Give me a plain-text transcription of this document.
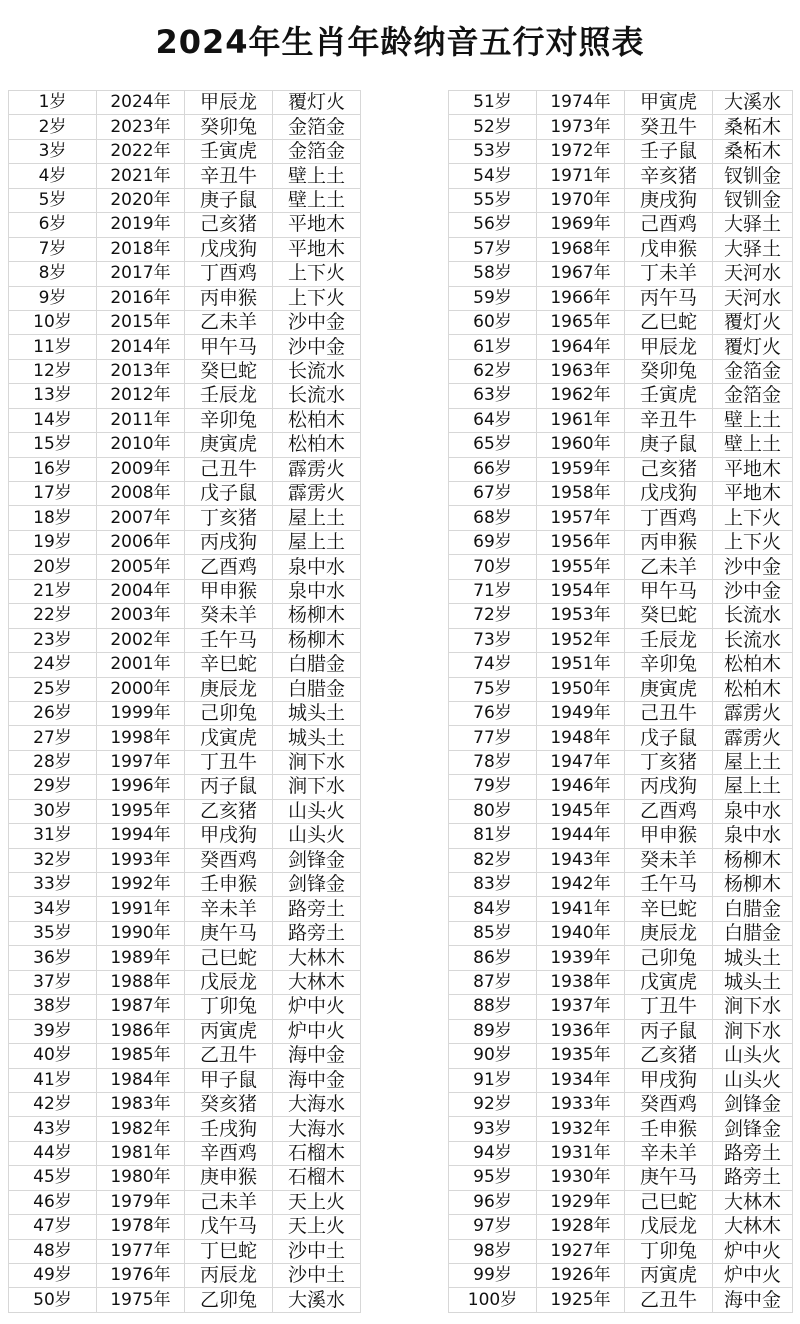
2024年生肖年龄纳音五行对照表
1岁	2024年	甲辰龙	覆灯火		51岁	1974年	甲寅虎	大溪水
2岁	2023年	癸卯兔	金箔金		52岁	1973年	癸丑牛	桑柘木
3岁	2022年	壬寅虎	金箔金		53岁	1972年	壬子鼠	桑柘木
4岁	2021年	辛丑牛	壁上土		54岁	1971年	辛亥猪	钗钏金
5岁	2020年	庚子鼠	壁上土		55岁	1970年	庚戌狗	钗钏金
6岁	2019年	己亥猪	平地木		56岁	1969年	己酉鸡	大驿土
7岁	2018年	戊戌狗	平地木		57岁	1968年	戊申猴	大驿土
8岁	2017年	丁酉鸡	上下火		58岁	1967年	丁未羊	天河水
9岁	2016年	丙申猴	上下火		59岁	1966年	丙午马	天河水
10岁	2015年	乙未羊	沙中金		60岁	1965年	乙巳蛇	覆灯火
11岁	2014年	甲午马	沙中金		61岁	1964年	甲辰龙	覆灯火
12岁	2013年	癸巳蛇	长流水		62岁	1963年	癸卯兔	金箔金
13岁	2012年	壬辰龙	长流水		63岁	1962年	壬寅虎	金箔金
14岁	2011年	辛卯兔	松柏木		64岁	1961年	辛丑牛	壁上土
15岁	2010年	庚寅虎	松柏木		65岁	1960年	庚子鼠	壁上土
16岁	2009年	己丑牛	霹雳火		66岁	1959年	己亥猪	平地木
17岁	2008年	戊子鼠	霹雳火		67岁	1958年	戊戌狗	平地木
18岁	2007年	丁亥猪	屋上土		68岁	1957年	丁酉鸡	上下火
19岁	2006年	丙戌狗	屋上土		69岁	1956年	丙申猴	上下火
20岁	2005年	乙酉鸡	泉中水		70岁	1955年	乙未羊	沙中金
21岁	2004年	甲申猴	泉中水		71岁	1954年	甲午马	沙中金
22岁	2003年	癸未羊	杨柳木		72岁	1953年	癸巳蛇	长流水
23岁	2002年	壬午马	杨柳木		73岁	1952年	壬辰龙	长流水
24岁	2001年	辛巳蛇	白腊金		74岁	1951年	辛卯兔	松柏木
25岁	2000年	庚辰龙	白腊金		75岁	1950年	庚寅虎	松柏木
26岁	1999年	己卯兔	城头土		76岁	1949年	己丑牛	霹雳火
27岁	1998年	戊寅虎	城头土		77岁	1948年	戊子鼠	霹雳火
28岁	1997年	丁丑牛	涧下水		78岁	1947年	丁亥猪	屋上土
29岁	1996年	丙子鼠	涧下水		79岁	1946年	丙戌狗	屋上土
30岁	1995年	乙亥猪	山头火		80岁	1945年	乙酉鸡	泉中水
31岁	1994年	甲戌狗	山头火		81岁	1944年	甲申猴	泉中水
32岁	1993年	癸酉鸡	剑锋金		82岁	1943年	癸未羊	杨柳木
33岁	1992年	壬申猴	剑锋金		83岁	1942年	壬午马	杨柳木
34岁	1991年	辛未羊	路旁土		84岁	1941年	辛巳蛇	白腊金
35岁	1990年	庚午马	路旁土		85岁	1940年	庚辰龙	白腊金
36岁	1989年	己巳蛇	大林木		86岁	1939年	己卯兔	城头土
37岁	1988年	戊辰龙	大林木		87岁	1938年	戊寅虎	城头土
38岁	1987年	丁卯兔	炉中火		88岁	1937年	丁丑牛	涧下水
39岁	1986年	丙寅虎	炉中火		89岁	1936年	丙子鼠	涧下水
40岁	1985年	乙丑牛	海中金		90岁	1935年	乙亥猪	山头火
41岁	1984年	甲子鼠	海中金		91岁	1934年	甲戌狗	山头火
42岁	1983年	癸亥猪	大海水		92岁	1933年	癸酉鸡	剑锋金
43岁	1982年	壬戌狗	大海水		93岁	1932年	壬申猴	剑锋金
44岁	1981年	辛酉鸡	石榴木		94岁	1931年	辛未羊	路旁土
45岁	1980年	庚申猴	石榴木		95岁	1930年	庚午马	路旁土
46岁	1979年	己未羊	天上火		96岁	1929年	己巳蛇	大林木
47岁	1978年	戊午马	天上火		97岁	1928年	戊辰龙	大林木
48岁	1977年	丁巳蛇	沙中土		98岁	1927年	丁卯兔	炉中火
49岁	1976年	丙辰龙	沙中土		99岁	1926年	丙寅虎	炉中火
50岁	1975年	乙卯兔	大溪水		100岁	1925年	乙丑牛	海中金
